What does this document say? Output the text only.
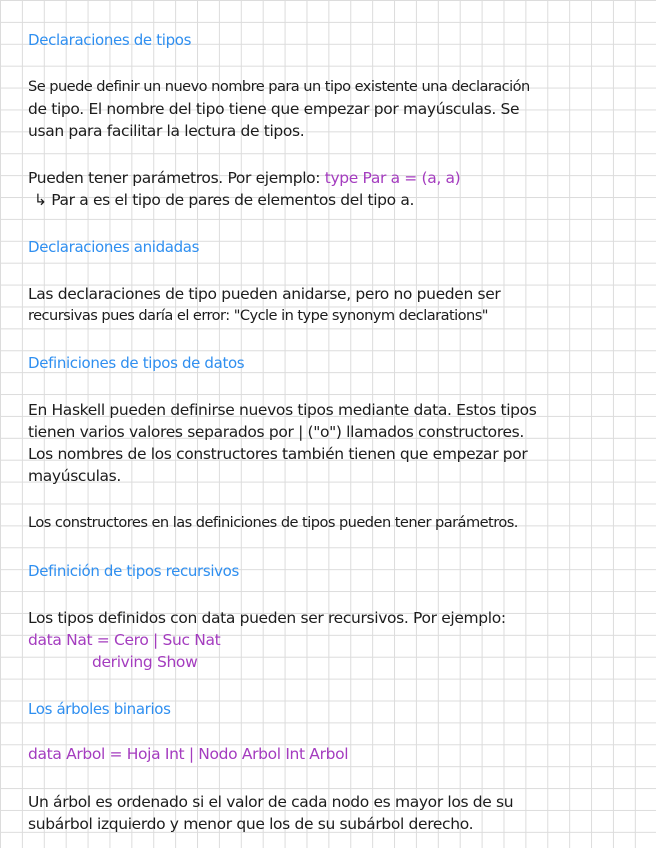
Declaraciones de tipos
Se puede definir un nuevo nombre para un tipo existente una declaración
de tipo. El nombre del tipo tiene que empezar por mayúsculas. Se
usan para facilitar la lectura de tipos.
Pueden tener parámetros. Por ejemplo: type Par a = (a, a)
↳ Par a es el tipo de pares de elementos del tipo a.
Declaraciones anidadas
Las declaraciones de tipo pueden anidarse, pero no pueden ser
recursivas pues daría el error: "Cycle in type synonym declarations"
Definiciones de tipos de datos
En Haskell pueden definirse nuevos tipos mediante data. Estos tipos
tienen varios valores separados por | ("o") llamados constructores.
Los nombres de los constructores también tienen que empezar por
mayúsculas.
Los constructores en las definiciones de tipos pueden tener parámetros.
Definición de tipos recursivos
Los tipos definidos con data pueden ser recursivos. Por ejemplo:
data Nat = Cero | Suc Nat
deriving Show
Los árboles binarios
data Arbol = Hoja Int | Nodo Arbol Int Arbol
Un árbol es ordenado si el valor de cada nodo es mayor los de su
subárbol izquierdo y menor que los de su subárbol derecho.
